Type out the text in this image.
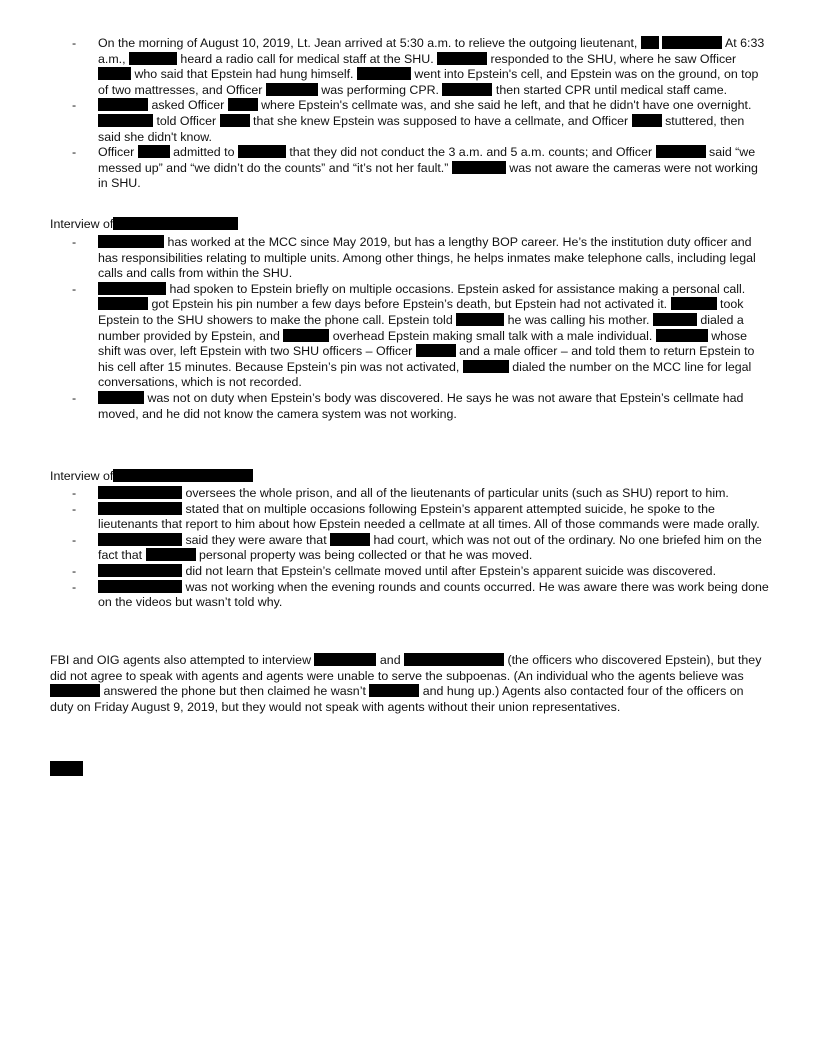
- On the morning of August 10, 2019, Lt. Jean arrived at 5:30 a.m. to relieve the outgoing lieutenant,	At 6:33 a.m.,	heard a radio call for medical staff at the SHU.	responded to the SHU, where he saw Officer  who said that Epstein had hung himself.	went into Epstein's cell, and Epstein was on the ground, on top of two mattresses, and Officer	was performing CPR.	then started CPR until medical staff came.

-	asked Officer  where Epstein's cellmate was, and she said he left, and that he didn't have one overnight.  told Officer  that she knew Epstein was supposed to have a cellmate, and Officer  stuttered, then said she didn't know.

- Officer	admitted to	that they did not conduct the 3 a.m. and 5 a.m. counts; and Officer	said “we messed up” and “we didn’t do the counts” and “it’s not her fault.”	was not aware the cameras were not working in SHU.

Interview of

-	has worked at the MCC since May 2019, but has a lengthy BOP career. He’s the institution duty officer and has responsibilities relating to multiple units. Among other things, he helps inmates make telephone calls, including legal calls and calls from within the SHU.

-	had spoken to Epstein briefly on multiple occasions. Epstein asked for assistance making a personal call.  got Epstein his pin number a few days before Epstein’s death, but Epstein had not activated it.	took Epstein to the SHU showers to make the phone call. Epstein told	he was calling his mother.	dialed a number provided by Epstein, and	overhead Epstein making small talk with a male individual.	whose shift was over, left Epstein with two SHU officers – Officer	and a male officer – and told them to return Epstein to his cell after 15 minutes. Because Epstein’s pin was not activated,	dialed the number on the MCC line for legal conversations, which is not recorded.

-	was not on duty when Epstein’s body was discovered. He says he was not aware that Epstein’s cellmate had moved, and he did not know the camera system was not working.

Interview of

-	oversees the whole prison, and all of the lieutenants of particular units (such as SHU) report to him.

-	stated that on multiple occasions following Epstein’s apparent attempted suicide, he spoke to the lieutenants that report to him about how Epstein needed a cellmate at all times. All of those commands were made orally.

-	said they were aware that	had court, which was not out of the ordinary. No one briefed him on the fact that	personal property was being collected or that he was moved.

-	did not learn that Epstein’s cellmate moved until after Epstein’s apparent suicide was discovered.

-	was not working when the evening rounds and counts occurred. He was aware there was work being done on the videos but wasn’t told why.

FBI and OIG agents also attempted to interview	and	(the officers who discovered Epstein), but they did not agree to speak with agents and agents were unable to serve the subpoenas. (An individual who the agents believe was  answered the phone but then claimed he wasn’t	and hung up.) Agents also contacted four of the officers on duty on Friday August 9, 2019, but they would not speak with agents without their union representatives.
